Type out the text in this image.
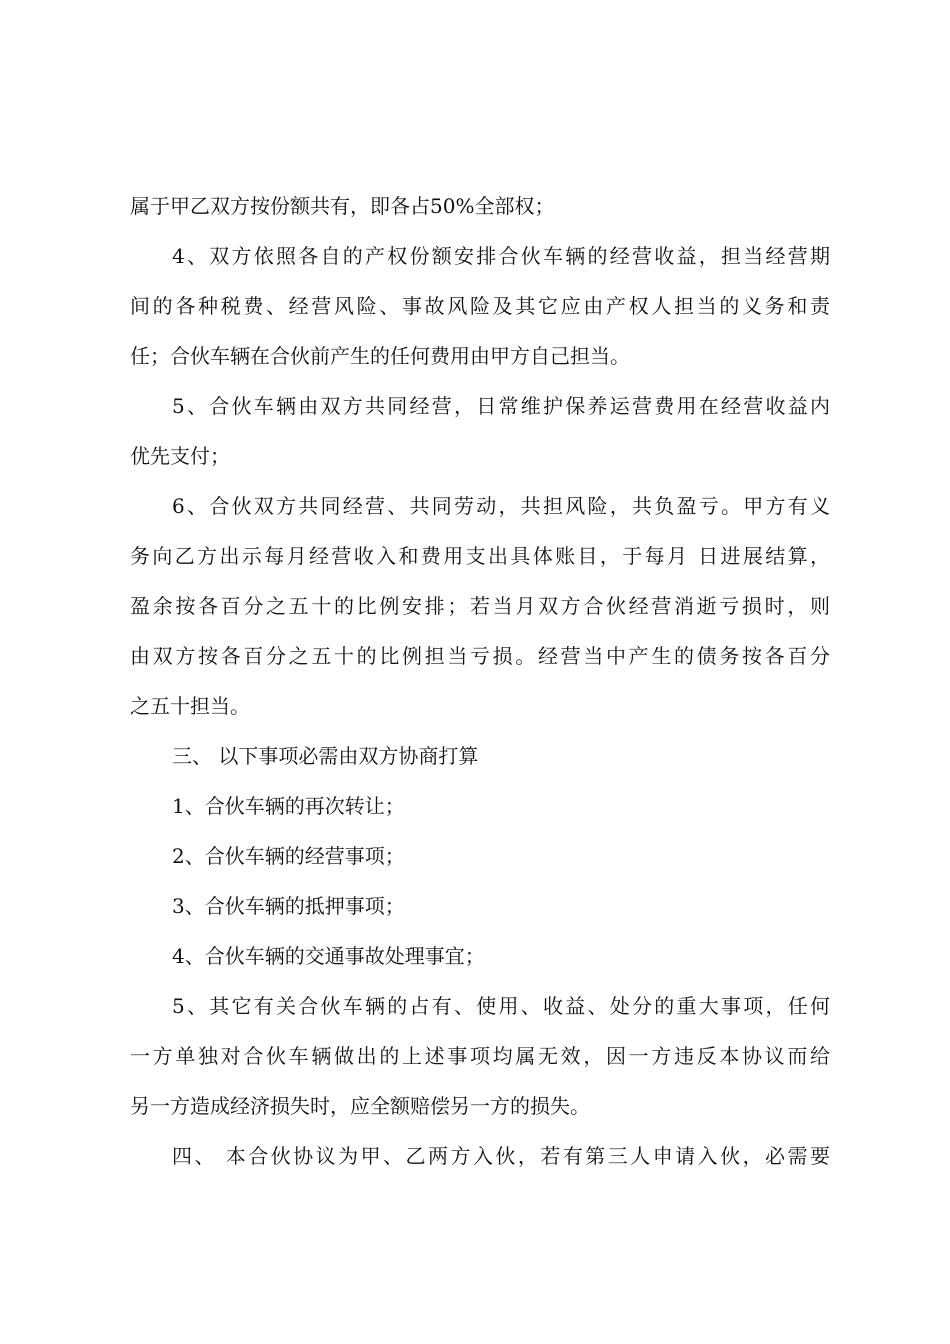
属于甲乙双方按份额共有，即各占50%全部权；
4、双方依照各自的产权份额安排合伙车辆的经营收益，担当经营期
间的各种税费、经营风险、事故风险及其它应由产权人担当的义务和责
任；合伙车辆在合伙前产生的任何费用由甲方自己担当。
5、合伙车辆由双方共同经营，日常维护保养运营费用在经营收益内
优先支付；
6、合伙双方共同经营、共同劳动，共担风险，共负盈亏。甲方有义
务向乙方出示每月经营收入和费用支出具体账目，于每月 日进展结算，
盈余按各百分之五十的比例安排；若当月双方合伙经营消逝亏损时，则
由双方按各百分之五十的比例担当亏损。经营当中产生的债务按各百分
之五十担当。
三、 以下事项必需由双方协商打算
1、合伙车辆的再次转让；
2、合伙车辆的经营事项；
3、合伙车辆的抵押事项；
4、合伙车辆的交通事故处理事宜；
5、其它有关合伙车辆的占有、使用、收益、处分的重大事项，任何
一方单独对合伙车辆做出的上述事项均属无效，因一方违反本协议而给
另一方造成经济损失时，应全额赔偿另一方的损失。
四、 本合伙协议为甲、乙两方入伙，若有第三人申请入伙，必需要
